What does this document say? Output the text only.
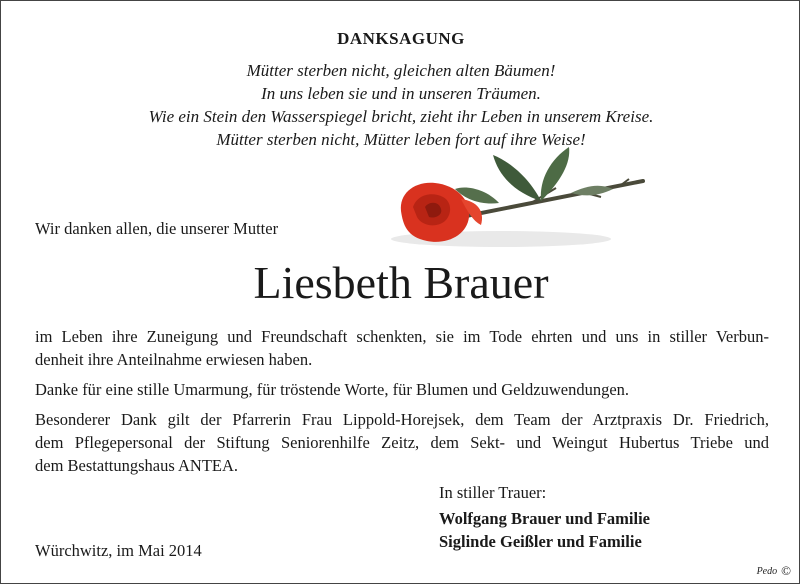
DANKSAGUNG
Mütter sterben nicht, gleichen alten Bäumen!
In uns leben sie und in unseren Träumen.
Wie ein Stein den Wasserspiegel bricht, zieht ihr Leben in unserem Kreise.
Mütter sterben nicht, Mütter leben fort auf ihre Weise!
Wir danken allen, die unserer Mutter
Liesbeth Brauer

im Leben ihre Zuneigung und Freundschaft schenkten, sie im Tode ehrten und uns in stiller Verbun-
denheit ihre Anteilnahme erwiesen haben.

Danke für eine stille Umarmung, für tröstende Worte, für Blumen und Geldzuwendungen.

Besonderer Dank gilt der Pfarrerin Frau Lippold-Horejsek, dem Team der Arztpraxis Dr. Friedrich,
dem Pflegepersonal der Stiftung Seniorenhilfe Zeitz, dem Sekt- und Weingut Hubertus Triebe und
dem Bestattungshaus ANTEA.

In stiller Trauer:
Wolfgang Brauer und Familie
Siglinde Geißler und Familie
Würchwitz, im Mai 2014
Pedo ©
